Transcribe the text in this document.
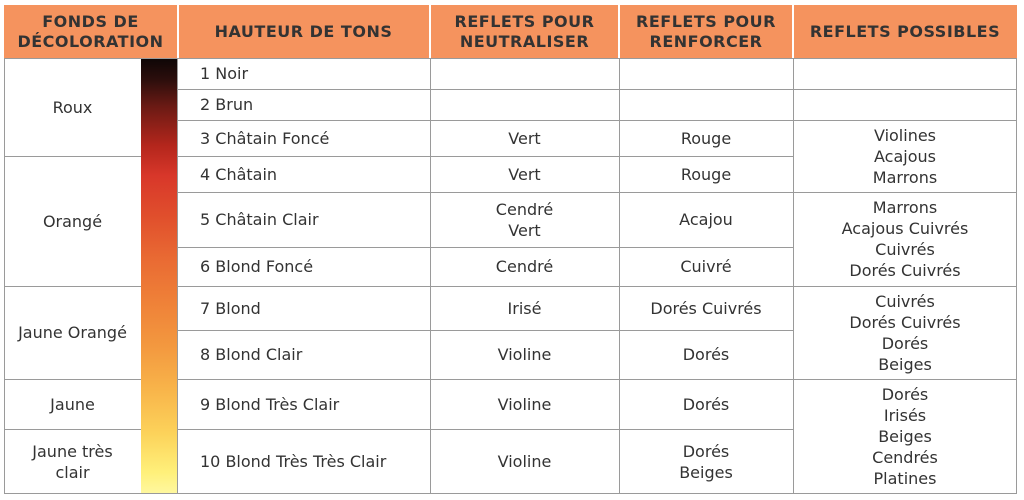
FONDS DE
DÉCOLORATION
HAUTEUR DE TONS
REFLETS POUR
NEUTRALISER
REFLETS POUR
RENFORCER
REFLETS POSSIBLES
Roux
Orangé
Jaune Orangé
Jaune
Jaune très
clair
1 Noir
2 Brun
3 Châtain Foncé
4 Châtain
5 Châtain Clair
6 Blond Foncé
7 Blond
8 Blond Clair
9 Blond Très Clair
10 Blond Très Très Clair
Vert
Vert
Cendré
Vert
Cendré
Irisé
Violine
Violine
Violine
Rouge
Rouge
Acajou
Cuivré
Dorés Cuivrés
Dorés
Dorés
Dorés
Beiges
Violines
Acajous
Marrons
Marrons
Acajous Cuivrés
Cuivrés
Dorés Cuivrés
Cuivrés
Dorés Cuivrés
Dorés
Beiges
Dorés
Irisés
Beiges
Cendrés
Platines
